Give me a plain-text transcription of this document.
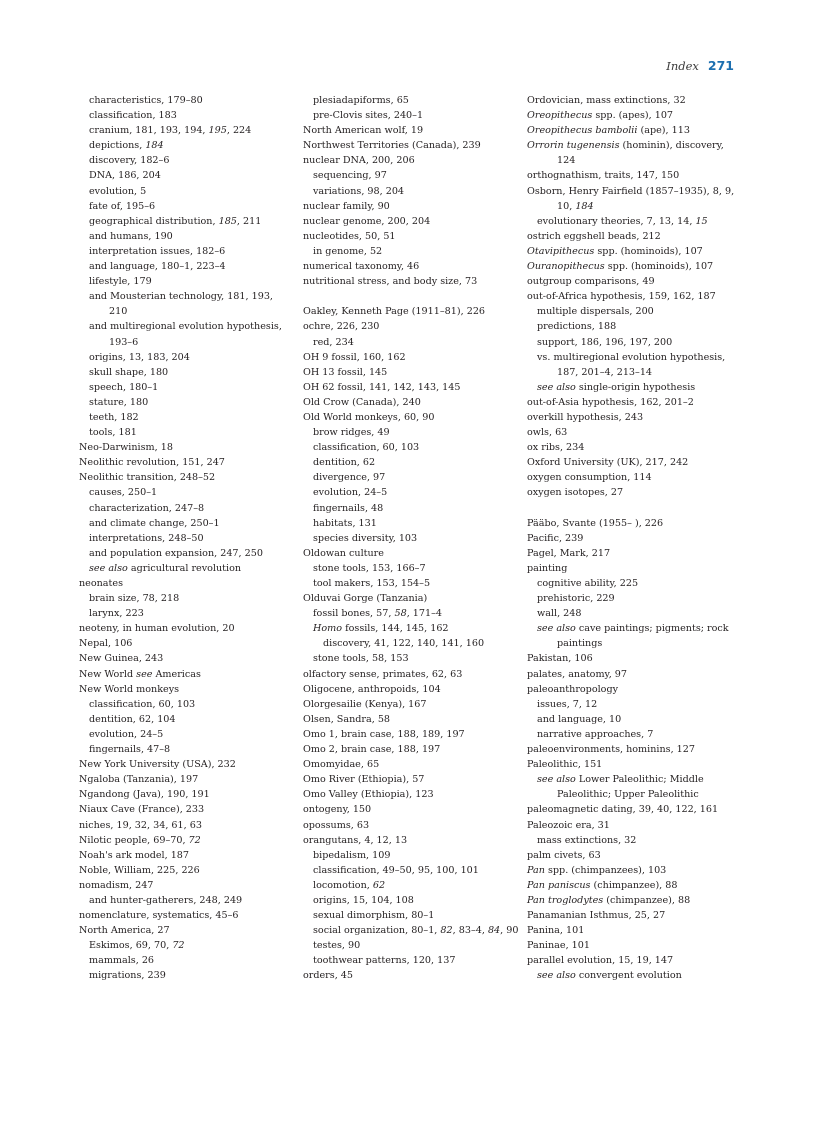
Index 271
characteristics, 179–80
classification, 183
cranium, 181, 193, 194, 195, 224
depictions, 184
discovery, 182–6
DNA, 186, 204
evolution, 5
fate of, 195–6
geographical distribution, 185, 211
and humans, 190
interpretation issues, 182–6
and language, 180–1, 223–4
lifestyle, 179
and Mousterian technology, 181, 193,
210
and multiregional evolution hypothesis,
193–6
origins, 13, 183, 204
skull shape, 180
speech, 180–1
stature, 180
teeth, 182
tools, 181
Neo-Darwinism, 18
Neolithic revolution, 151, 247
Neolithic transition, 248–52
causes, 250–1
characterization, 247–8
and climate change, 250–1
interpretations, 248–50
and population expansion, 247, 250
see also agricultural revolution
neonates
brain size, 78, 218
larynx, 223
neoteny, in human evolution, 20
Nepal, 106
New Guinea, 243
New World see Americas
New World monkeys
classification, 60, 103
dentition, 62, 104
evolution, 24–5
fingernails, 47–8
New York University (USA), 232
Ngaloba (Tanzania), 197
Ngandong (Java), 190, 191
Niaux Cave (France), 233
niches, 19, 32, 34, 61, 63
Nilotic people, 69–70, 72
Noah's ark model, 187
Noble, William, 225, 226
nomadism, 247
and hunter-gatherers, 248, 249
nomenclature, systematics, 45–6
North America, 27
Eskimos, 69, 70, 72
mammals, 26
migrations, 239
plesiadapiforms, 65
pre-Clovis sites, 240–1
North American wolf, 19
Northwest Territories (Canada), 239
nuclear DNA, 200, 206
sequencing, 97
variations, 98, 204
nuclear family, 90
nuclear genome, 200, 204
nucleotides, 50, 51
in genome, 52
numerical taxonomy, 46
nutritional stress, and body size, 73
Oakley, Kenneth Page (1911–81), 226
ochre, 226, 230
red, 234
OH 9 fossil, 160, 162
OH 13 fossil, 145
OH 62 fossil, 141, 142, 143, 145
Old Crow (Canada), 240
Old World monkeys, 60, 90
brow ridges, 49
classification, 60, 103
dentition, 62
divergence, 97
evolution, 24–5
fingernails, 48
habitats, 131
species diversity, 103
Oldowan culture
stone tools, 153, 166–7
tool makers, 153, 154–5
Olduvai Gorge (Tanzania)
fossil bones, 57, 58, 171–4
Homo fossils, 144, 145, 162
discovery, 41, 122, 140, 141, 160
stone tools, 58, 153
olfactory sense, primates, 62, 63
Oligocene, anthropoids, 104
Olorgesailie (Kenya), 167
Olsen, Sandra, 58
Omo 1, brain case, 188, 189, 197
Omo 2, brain case, 188, 197
Omomyidae, 65
Omo River (Ethiopia), 57
Omo Valley (Ethiopia), 123
ontogeny, 150
opossums, 63
orangutans, 4, 12, 13
bipedalism, 109
classification, 49–50, 95, 100, 101
locomotion, 62
origins, 15, 104, 108
sexual dimorphism, 80–1
social organization, 80–1, 82, 83–4, 84, 90
testes, 90
toothwear patterns, 120, 137
orders, 45
Ordovician, mass extinctions, 32
Oreopithecus spp. (apes), 107
Oreopithecus bambolii (ape), 113
Orrorin tugenensis (hominin), discovery,
124
orthognathism, traits, 147, 150
Osborn, Henry Fairfield (1857–1935), 8, 9,
10, 184
evolutionary theories, 7, 13, 14, 15
ostrich eggshell beads, 212
Otavipithecus spp. (hominoids), 107
Ouranopithecus spp. (hominoids), 107
outgroup comparisons, 49
out-of-Africa hypothesis, 159, 162, 187
multiple dispersals, 200
predictions, 188
support, 186, 196, 197, 200
vs. multiregional evolution hypothesis,
187, 201–4, 213–14
see also single-origin hypothesis
out-of-Asia hypothesis, 162, 201–2
overkill hypothesis, 243
owls, 63
ox ribs, 234
Oxford University (UK), 217, 242
oxygen consumption, 114
oxygen isotopes, 27
Pääbo, Svante (1955– ), 226
Pacific, 239
Pagel, Mark, 217
painting
cognitive ability, 225
prehistoric, 229
wall, 248
see also cave paintings; pigments; rock
paintings
Pakistan, 106
palates, anatomy, 97
paleoanthropology
issues, 7, 12
and language, 10
narrative approaches, 7
paleoenvironments, hominins, 127
Paleolithic, 151
see also Lower Paleolithic; Middle
Paleolithic; Upper Paleolithic
paleomagnetic dating, 39, 40, 122, 161
Paleozoic era, 31
mass extinctions, 32
palm civets, 63
Pan spp. (chimpanzees), 103
Pan paniscus (chimpanzee), 88
Pan troglodytes (chimpanzee), 88
Panamanian Isthmus, 25, 27
Panina, 101
Paninae, 101
parallel evolution, 15, 19, 147
see also convergent evolution
